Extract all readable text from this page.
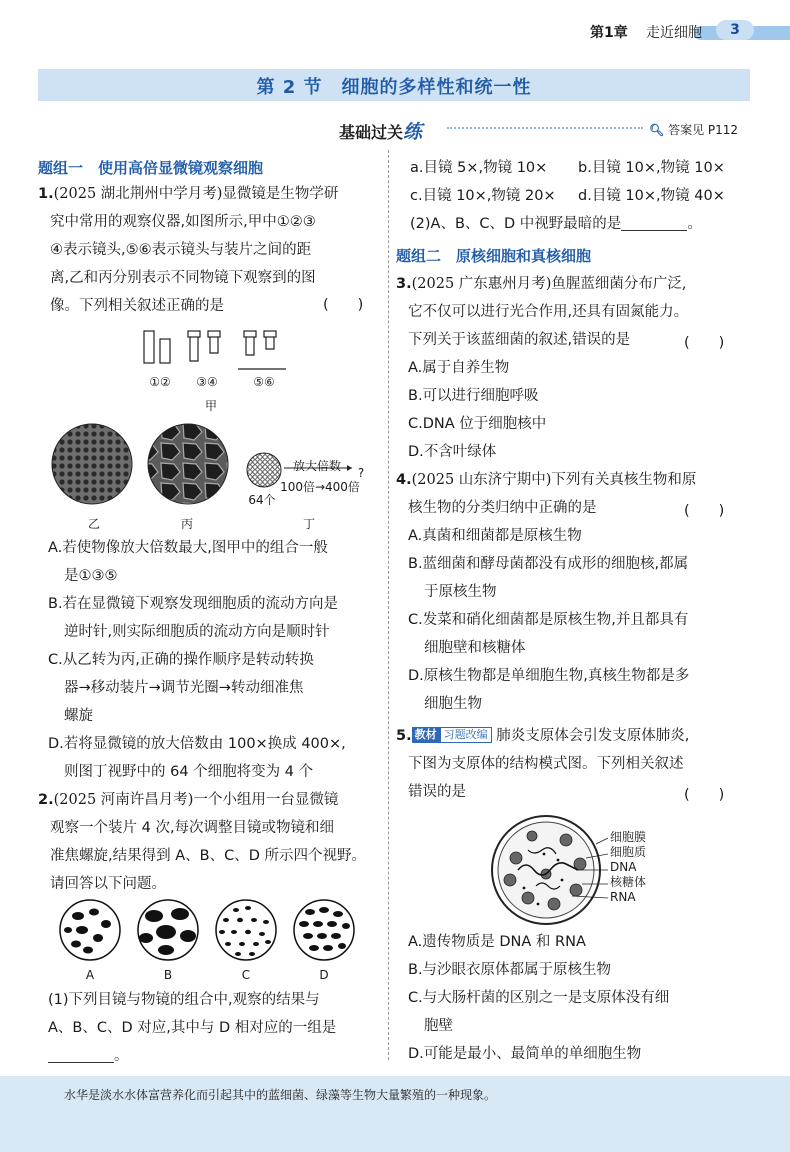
第1章 走近细胞	3
第 2 节　细胞的多样性和统一性
基础过关练	🔍︎ 答案见 P112
题组一　使用高倍显微镜观察细胞
1.(2025 湖北荆州中学月考)显微镜是生物学研
究中常用的观察仪器,如图所示,甲中①②③
④表示镜头,⑤⑥表示镜头与装片之间的距
离,乙和丙分别表示不同物镜下观察到的图
像。下列相关叙述正确的是	(　　)
①②	③④	⑤⑥
甲
放大倍数
100倍→400倍
?
64个
乙	丙	丁
A.若使物像放大倍数最大,图甲中的组合一般
是①③⑤
B.若在显微镜下观察发现细胞质的流动方向是
逆时针,则实际细胞质的流动方向是顺时针
C.从乙转为丙,正确的操作顺序是转动转换
器→移动装片→调节光圈→转动细准焦
螺旋
D.若将显微镜的放大倍数由 100×换成 400×,
则图丁视野中的 64 个细胞将变为 4 个
2.(2025 河南许昌月考)一个小组用一台显微镜
观察一个装片 4 次,每次调整目镜或物镜和细
准焦螺旋,结果得到 A、B、C、D 所示四个视野。
请回答以下问题。
A	B	C	D
(1)下列目镜与物镜的组合中,观察的结果与
A、B、C、D 对应,其中与 D 相对应的一组是
。
a.目镜 5×,物镜 10× b.目镜 10×,物镜 10×
c.目镜 10×,物镜 20× d.目镜 10×,物镜 40×
(2)A、B、C、D 中视野最暗的是	。
题组二　原核细胞和真核细胞
3.(2025 广东惠州月考)鱼腥蓝细菌分布广泛,
它不仅可以进行光合作用,还具有固氮能力。
下列关于该蓝细菌的叙述,错误的是
A.属于自养生物
B.可以进行细胞呼吸
C.DNA 位于细胞核中
D.不含叶绿体
(　　)
4.(2025 山东济宁期中)下列有关真核生物和原
核生物的分类归纳中正确的是
A.真菌和细菌都是原核生物
B.蓝细菌和酵母菌都没有成形的细胞核,都属
于原核生物
C.发菜和硝化细菌都是原核生物,并且都具有
细胞壁和核糖体
D.原核生物都是单细胞生物,真核生物都是多
细胞生物
(　　)
5. 教材 习题改编 肺炎支原体会引发支原体肺炎,
下图为支原体的结构模式图。下列相关叙述
错误的是	(　　)
细胞膜
细胞质
DNA
核糖体
RNA
A.遗传物质是 DNA 和 RNA
B.与沙眼衣原体都属于原核生物
C.与大肠杆菌的区别之一是支原体没有细
胞壁
D.可能是最小、最简单的单细胞生物
水华是淡水水体富营养化而引起其中的蓝细菌、绿藻等生物大量繁殖的一种现象。
